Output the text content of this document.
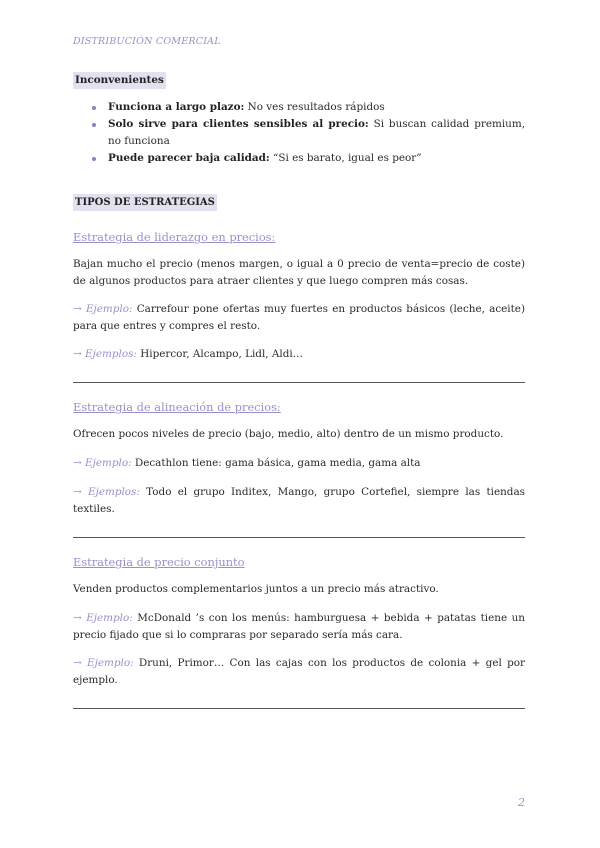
DISTRIBUCIÓN COMERCIAL
Inconvenientes
Funciona a largo plazo: No ves resultados rápidos
Solo sirve para clientes sensibles al precio: Si buscan calidad premium, no funciona
Puede parecer baja calidad: “Si es barato, igual es peor”
TIPOS DE ESTRATEGIAS
Estrategia de liderazgo en precios:

Bajan mucho el precio (menos margen, o igual a 0 precio de venta=precio de coste) de algunos productos para atraer clientes y que luego compren más cosas.

→ Ejemplo: Carrefour pone ofertas muy fuertes en productos básicos (leche, aceite) para que entres y compres el resto.

→ Ejemplos: Hipercor, Alcampo, Lidl, Aldi…

Estrategia de alineación de precios:

Ofrecen pocos niveles de precio (bajo, medio, alto) dentro de un mismo producto.

→ Ejemplo: Decathlon tiene: gama básica, gama media, gama alta

→ Ejemplos: Todo el grupo Inditex, Mango, grupo Cortefiel, siempre las tiendas textiles.

Estrategia de precio conjunto

Venden productos complementarios juntos a un precio más atractivo.

→ Ejemplo: McDonald ’s con los menús: hamburguesa + bebida + patatas tiene un precio fijado que si lo compraras por separado sería más cara.

→ Ejemplo: Druni, Primor… Con las cajas con los productos de colonia + gel por ejemplo.

2
